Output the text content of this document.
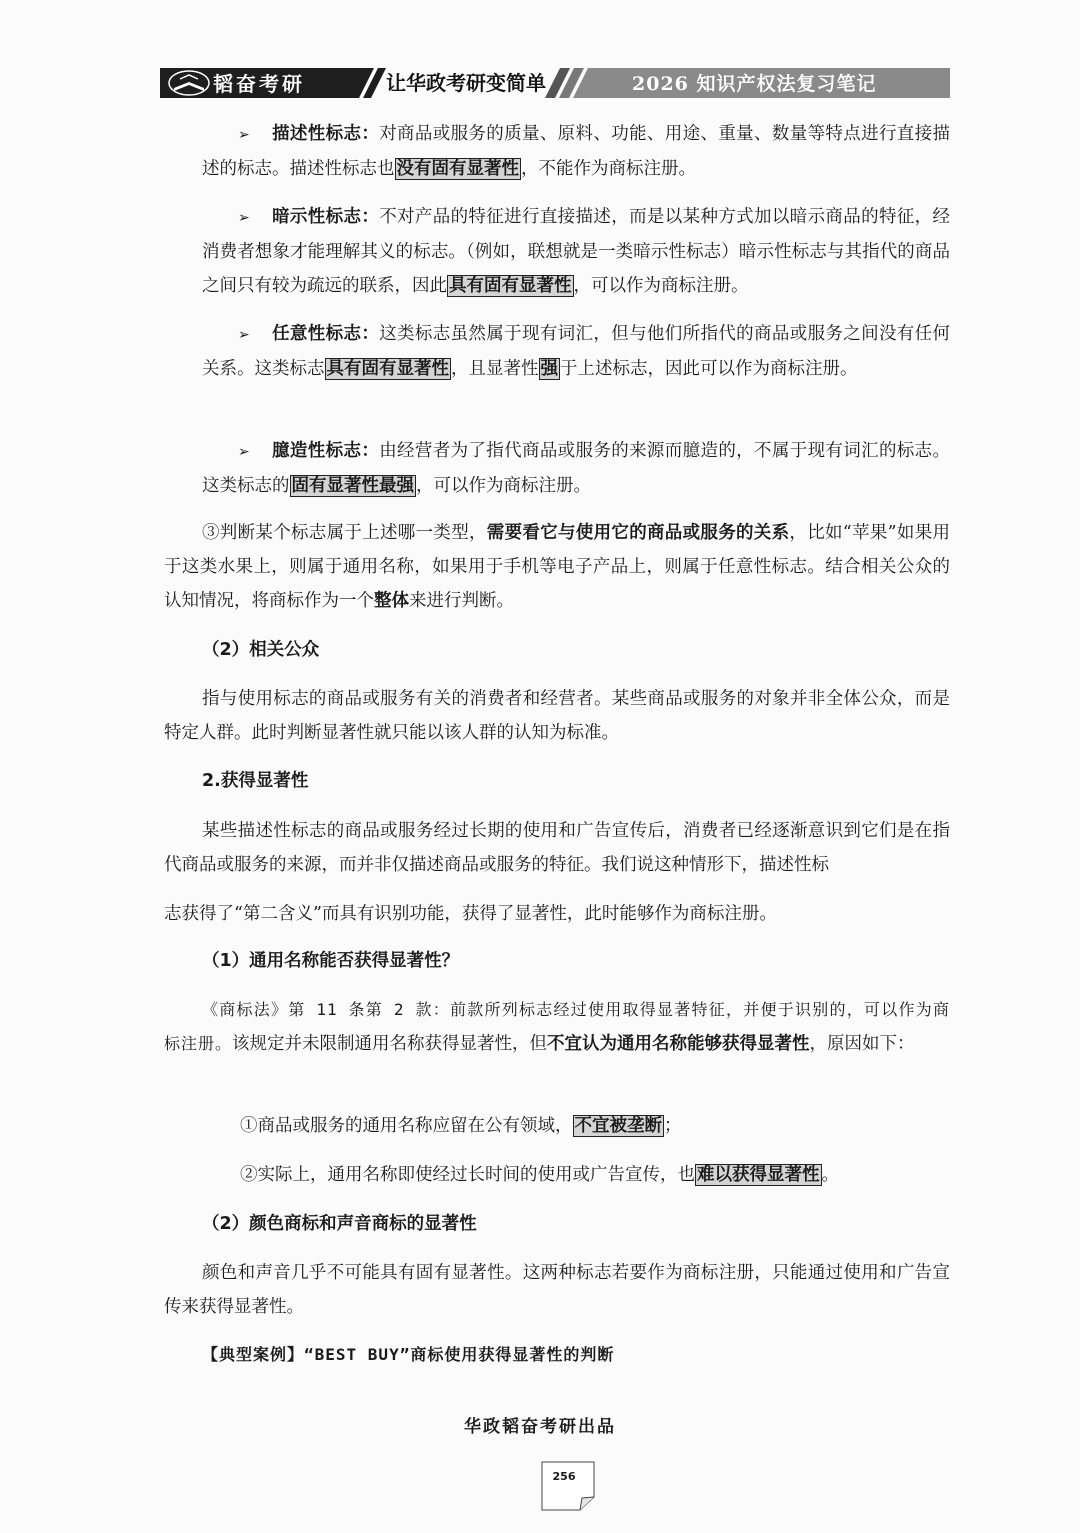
韬奋考研	让华政考研变简单	2026 知识产权法复习笔记

➢ 描述性标志：对商品或服务的质量、原料、功能、用途、重量、数量等特点进行直接描述的标志。描述性标志也 没有固有显著性 ，不能作为商标注册。

➢ 暗示性标志：不对产品的特征进行直接描述，而是以某种方式加以暗示商品的特征，经消费者想象才能理解其义的标志。（例如，联想就是一类暗示性标志）暗示性标志与其指代的商品之间只有较为疏远的联系，因此 具有固有显著性 ，可以作为商标注册。

➢ 任意性标志：这类标志虽然属于现有词汇，但与他们所指代的商品或服务之间没有任何关系。这类标志 具有固有显著性 ，且显著性 强 于上述标志，因此可以作为商标注册。

➢ 臆造性标志：由经营者为了指代商品或服务的来源而臆造的，不属于现有词汇的标志。这类标志的 固有显著性最强 ，可以作为商标注册。

③判断某个标志属于上述哪一类型，需要看它与使用它的商品或服务的关系，比如“苹果”如果用于这类水果上，则属于通用名称，如果用于手机等电子产品上，则属于任意性标志。结合相关公众的认知情况，将商标作为一个整体来进行判断。

（2）相关公众

指与使用标志的商品或服务有关的消费者和经营者。某些商品或服务的对象并非全体公众，而是特定人群。此时判断显著性就只能以该人群的认知为标准。

2.获得显著性

某些描述性标志的商品或服务经过长期的使用和广告宣传后，消费者已经逐渐意识到它们是在指代商品或服务的来源，而并非仅描述商品或服务的特征。我们说这种情形下，描述性标

志获得了“第二含义”而具有识别功能，获得了显著性，此时能够作为商标注册。

（1）通用名称能否获得显著性？

《商标法》第 11 条第 2 款：前款所列标志经过使用取得显著特征，并便于识别的，可以作为商标注册。该规定并未限制通用名称获得显著性，但不宜认为通用名称能够获得显著性，原因如下：

①商品或服务的通用名称应留在公有领域， 不宜被垄断 ；
②实际上，通用名称即使经过长时间的使用或广告宣传，也 难以获得显著性 。
（2）颜色商标和声音商标的显著性

颜色和声音几乎不可能具有固有显著性。这两种标志若要作为商标注册，只能通过使用和广告宣传来获得显著性。

【典型案例】“BEST BUY”商标使用获得显著性的判断
华政韬奋考研出品
256
